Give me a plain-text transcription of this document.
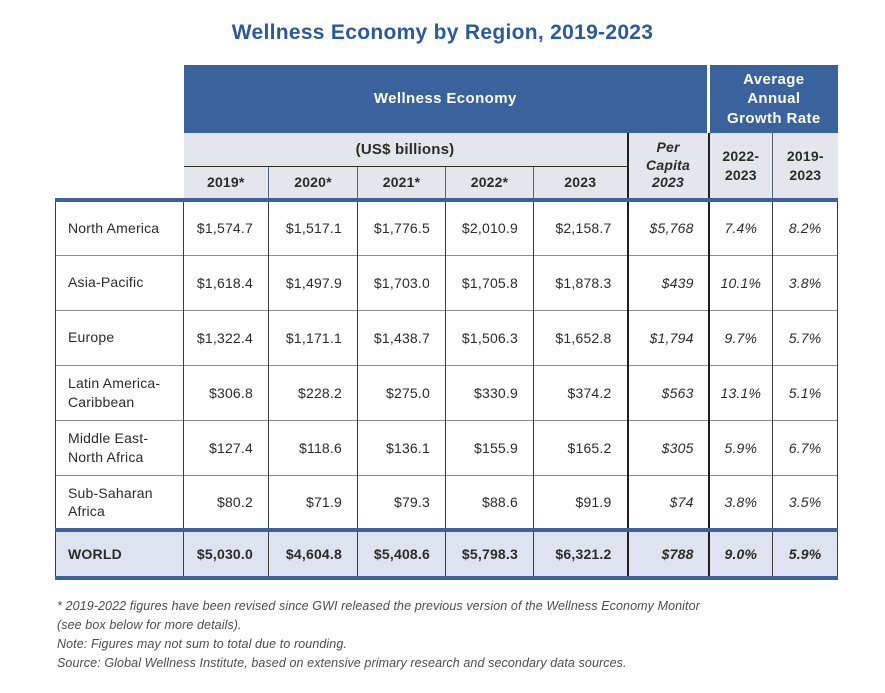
Wellness Economy by Region, 2019-2023
	Wellness Economy						Average Annual Growth Rate	
	(US$ billions)					Per Capita 2023	2022-2023	2019-2023
	2019*	2020*	2021*	2022*	2023			
North America	$1,574.7	$1,517.1	$1,776.5	$2,010.9	$2,158.7	$5,768	7.4%	8.2%
Asia-Pacific	$1,618.4	$1,497.9	$1,703.0	$1,705.8	$1,878.3	$439	10.1%	3.8%
Europe	$1,322.4	$1,171.1	$1,438.7	$1,506.3	$1,652.8	$1,794	9.7%	5.7%
Latin America-Caribbean	$306.8	$228.2	$275.0	$330.9	$374.2	$563	13.1%	5.1%
Middle East-North Africa	$127.4	$118.6	$136.1	$155.9	$165.2	$305	5.9%	6.7%
Sub-Saharan Africa	$80.2	$71.9	$79.3	$88.6	$91.9	$74	3.8%	3.5%
WORLD	$5,030.0	$4,604.8	$5,408.6	$5,798.3	$6,321.2	$788	9.0%	5.9%
* 2019-2022 figures have been revised since GWI released the previous version of the Wellness Economy Monitor
(see box below for more details).
Note: Figures may not sum to total due to rounding.
Source: Global Wellness Institute, based on extensive primary research and secondary data sources.
